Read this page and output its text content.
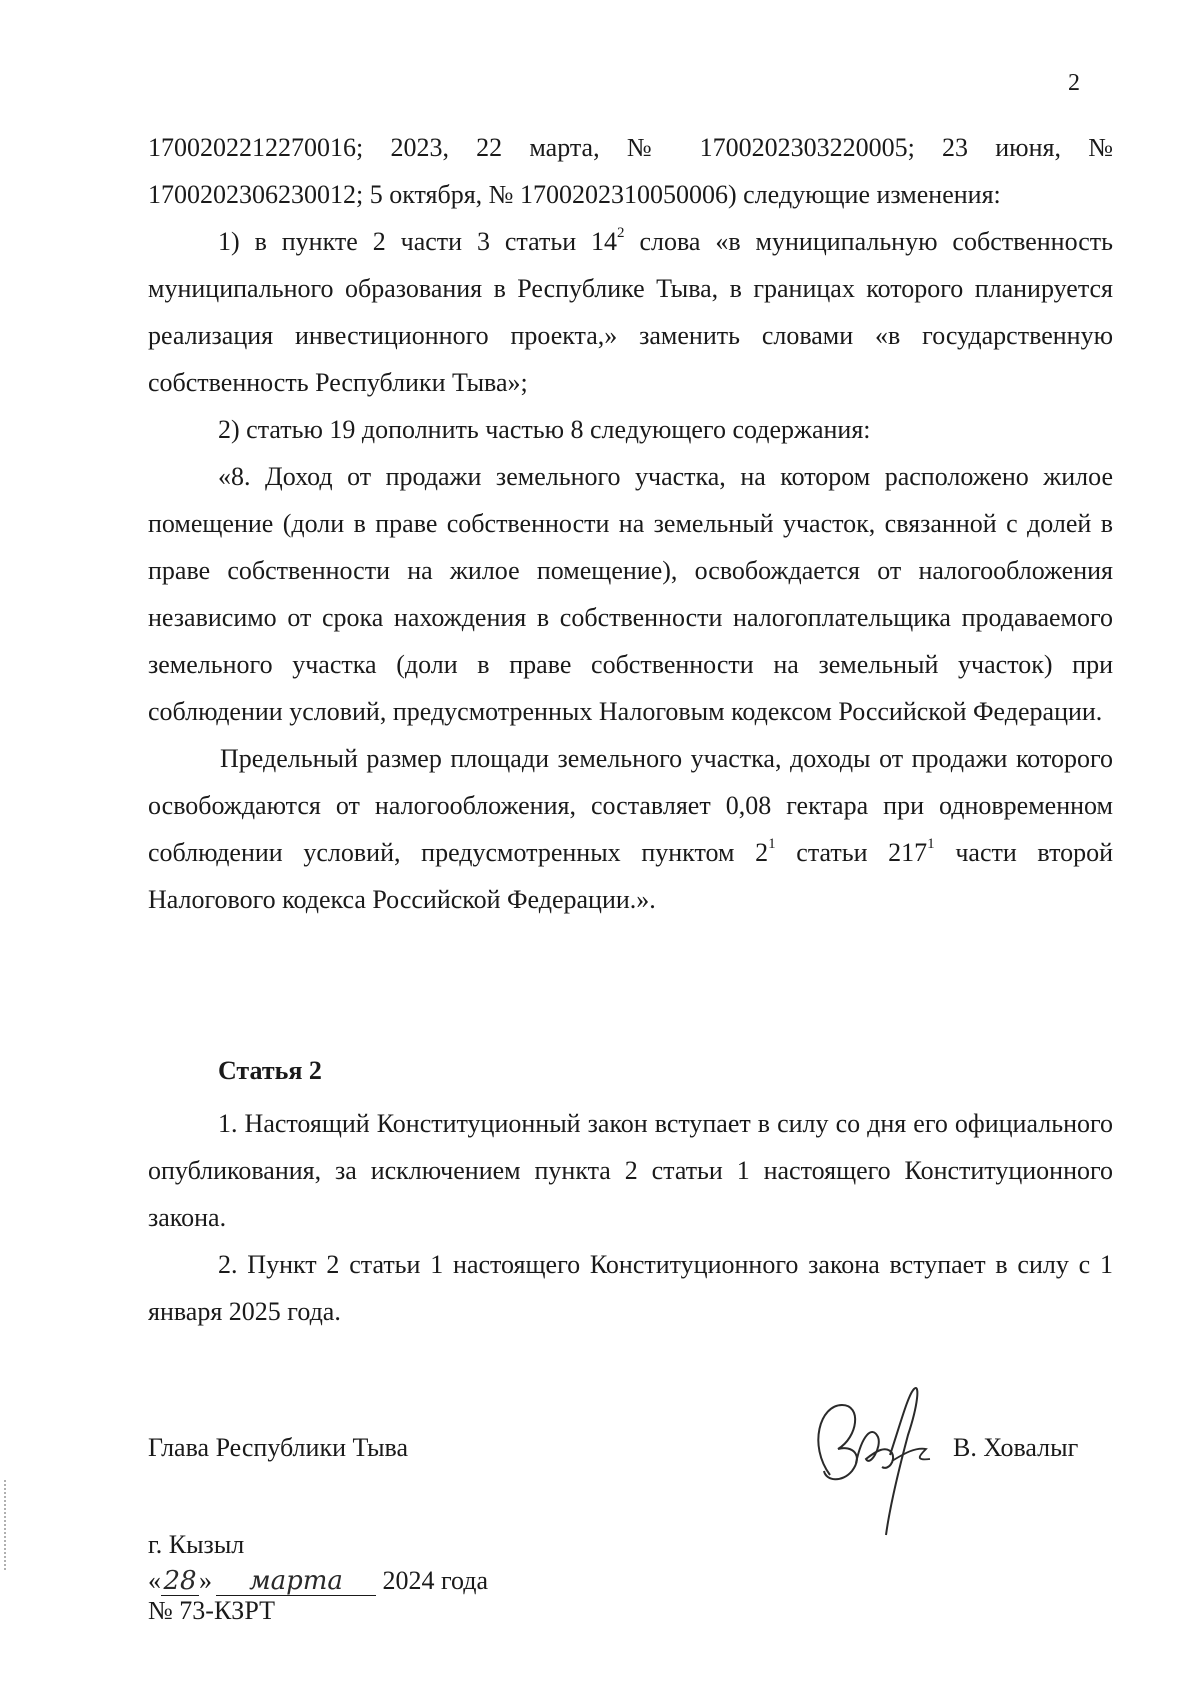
2

1700202212270016; 2023, 22 марта, № 1700202303220005; 23 июня, № 1700202306230012; 5 октября, № 1700202310050006) следующие изменения:

1) в пункте 2 части 3 статьи $14^2$ слова «в муниципальную собственность муниципального образования в Республике Тыва, в границах которого планируется реализация инвестиционного проекта,» заменить словами «в государственную собственность Республики Тыва»;

2) статью 19 дополнить частью 8 следующего содержания:

«8. Доход от продажи земельного участка, на котором расположено жилое помещение (доли в праве собственности на земельный участок, связанной с долей в праве собственности на жилое помещение), освобождается от налогообложения независимо от срока нахождения в собственности налогоплательщика продаваемого земельного участка (доли в праве собственности на земельный участок) при соблюдении условий, предусмотренных Налоговым кодексом Российской Федерации.

Предельный размер площади земельного участка, доходы от продажи которого освобождаются от налогообложения, составляет 0,08 гектара при одновременном соблюдении условий, предусмотренных пунктом $2^1$ статьи $217^1$ части второй Налогового кодекса Российской Федерации.».

Статья 2

1. Настоящий Конституционный закон вступает в силу со дня его официального опубликования, за исключением пункта 2 статьи 1 настоящего Конституционного закона.

2. Пункт 2 статьи 1 настоящего Конституционного закона вступает в силу с 1 января 2025 года.

Глава Республики Тыва	В. Ховалыг
г. Кызыл
«28» марта 2024 года
№ 73-КЗРТ
